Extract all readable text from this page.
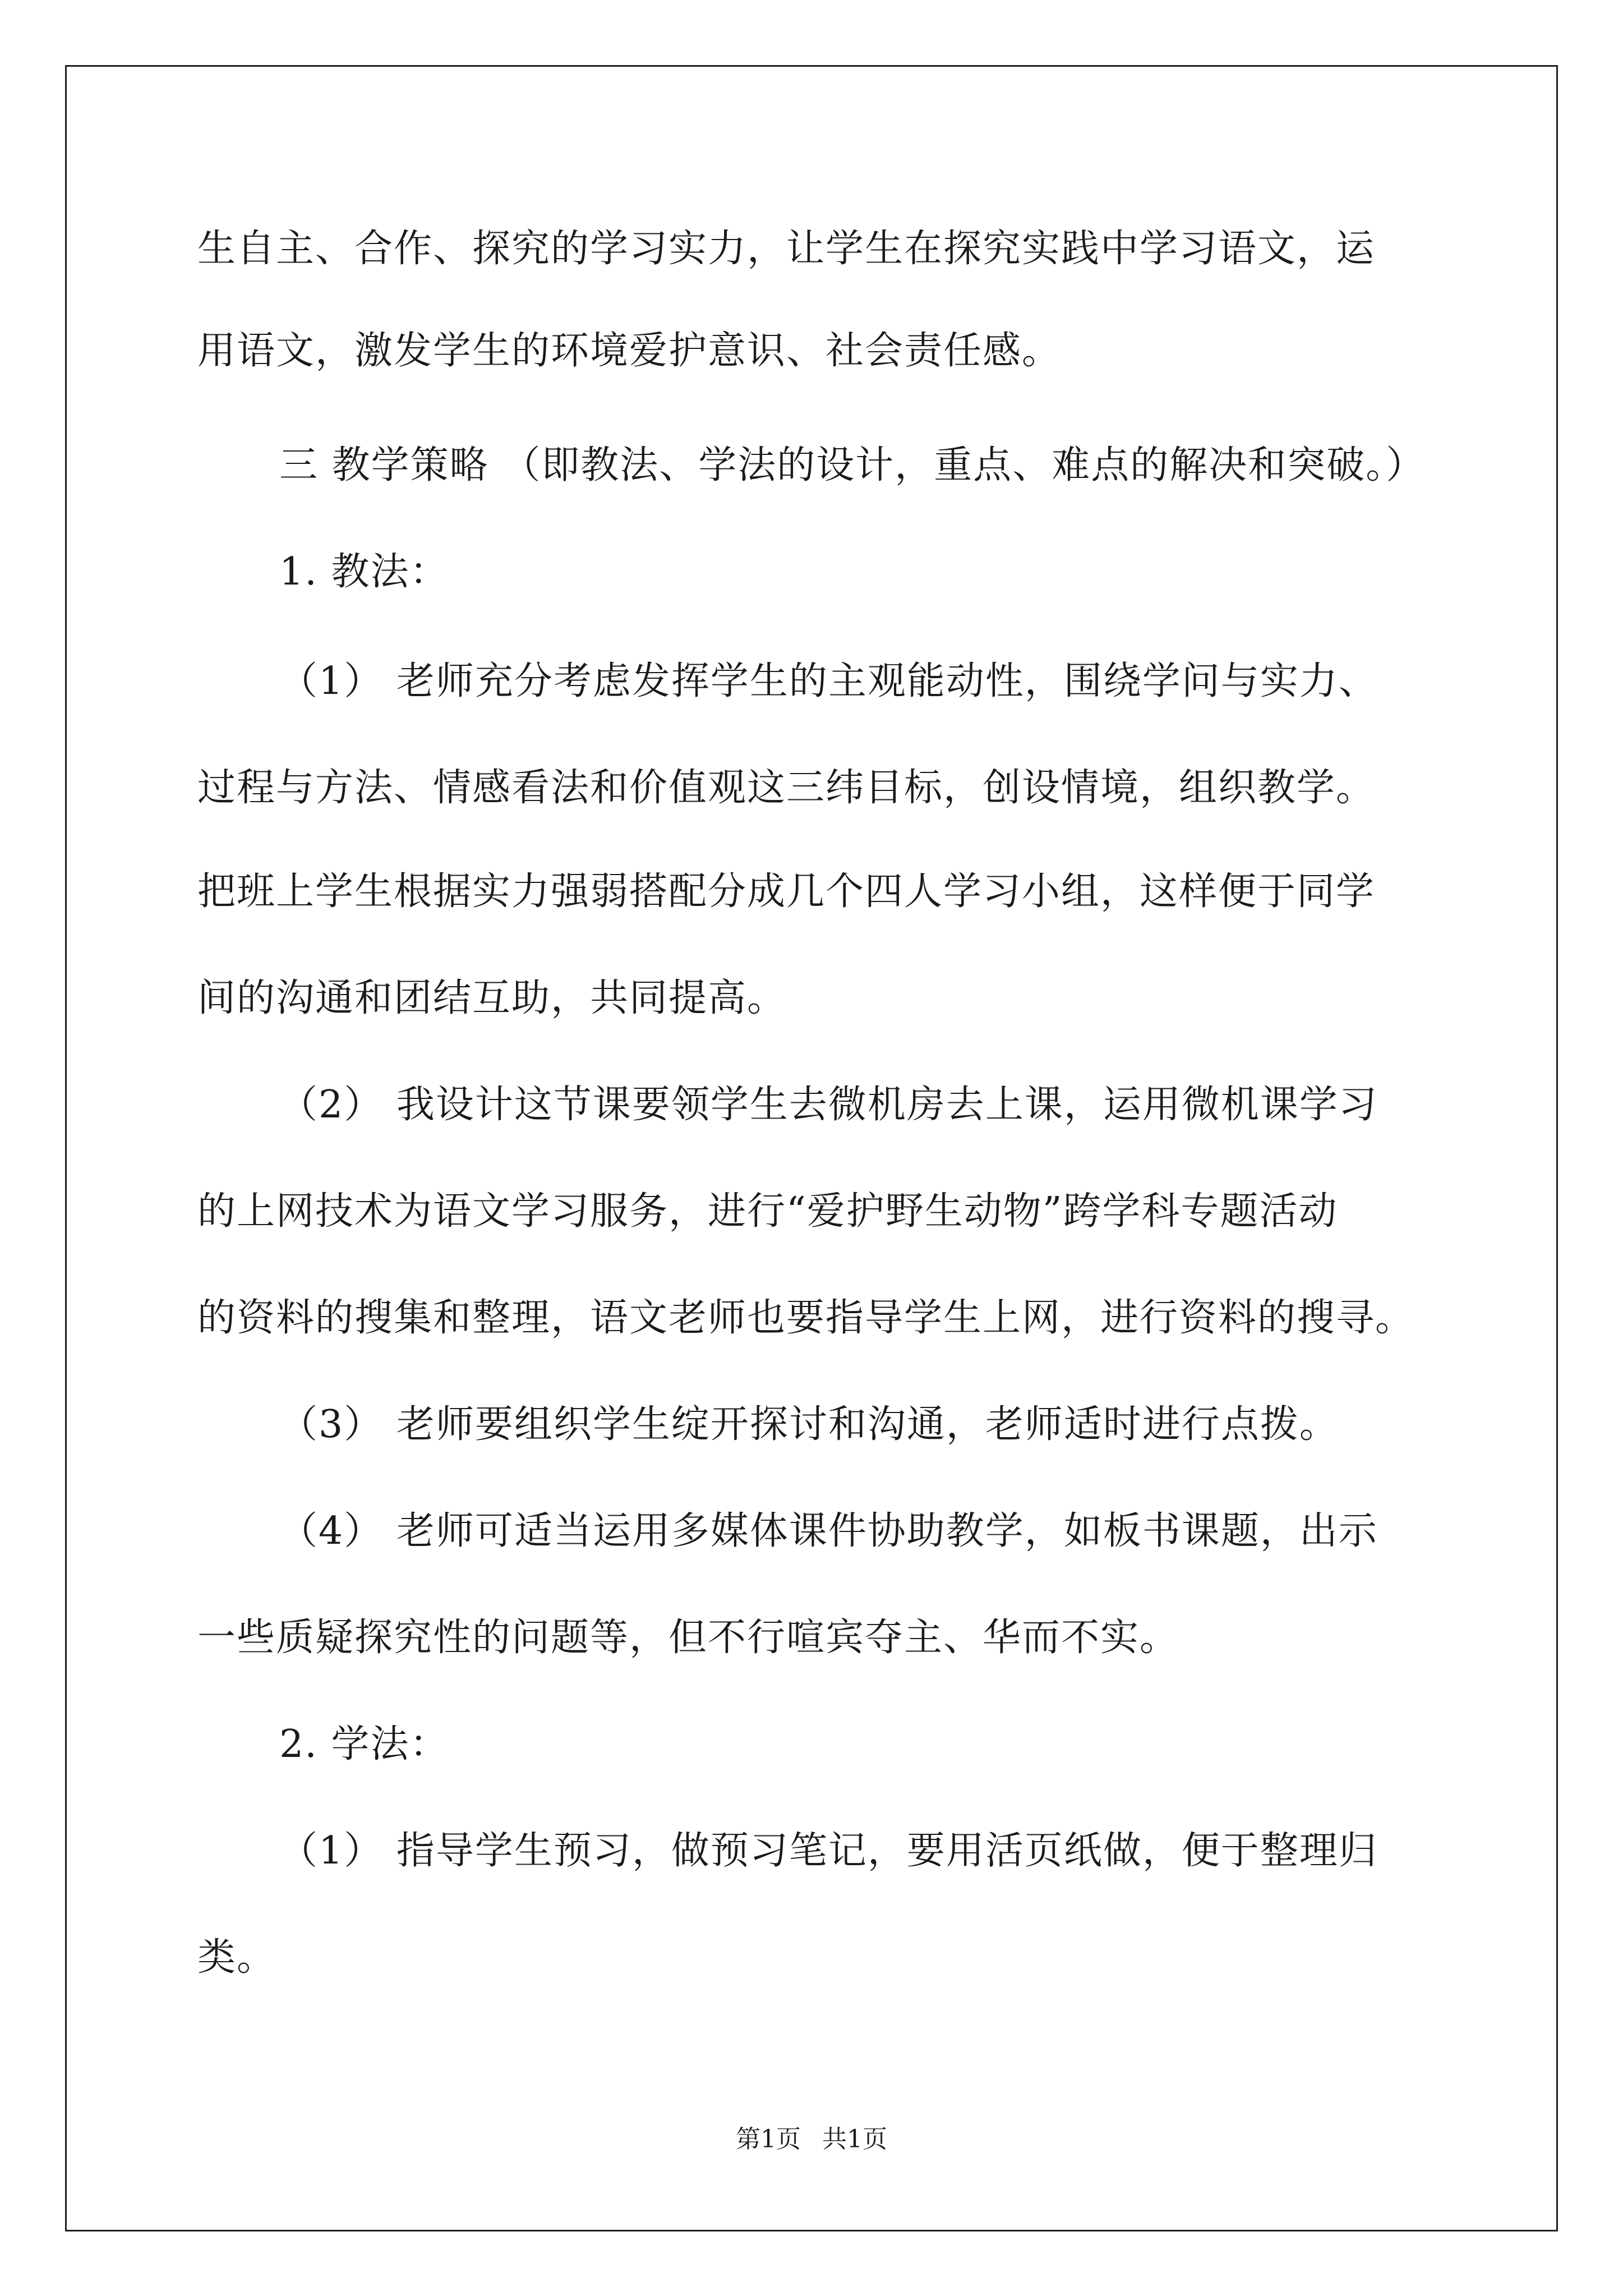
生自主、合作、探究的学习实力，让学生在探究实践中学习语文，运
用语文，激发学生的环境爱护意识、社会责任感。
三 教学策略 （即教法、学法的设计，重点、难点的解决和突破。）
1. 教法：
（1） 老师充分考虑发挥学生的主观能动性，围绕学问与实力、
过程与方法、情感看法和价值观这三纬目标，创设情境，组织教学。
把班上学生根据实力强弱搭配分成几个四人学习小组，这样便于同学
间的沟通和团结互助，共同提高。
（2） 我设计这节课要领学生去微机房去上课，运用微机课学习
的上网技术为语文学习服务，进行“爱护野生动物”跨学科专题活动
的资料的搜集和整理，语文老师也要指导学生上网，进行资料的搜寻。
（3） 老师要组织学生绽开探讨和沟通，老师适时进行点拨。
（4） 老师可适当运用多媒体课件协助教学，如板书课题，出示
一些质疑探究性的问题等，但不行喧宾夺主、华而不实。
2. 学法：
（1） 指导学生预习，做预习笔记，要用活页纸做，便于整理归
类。
第1页 共1页
